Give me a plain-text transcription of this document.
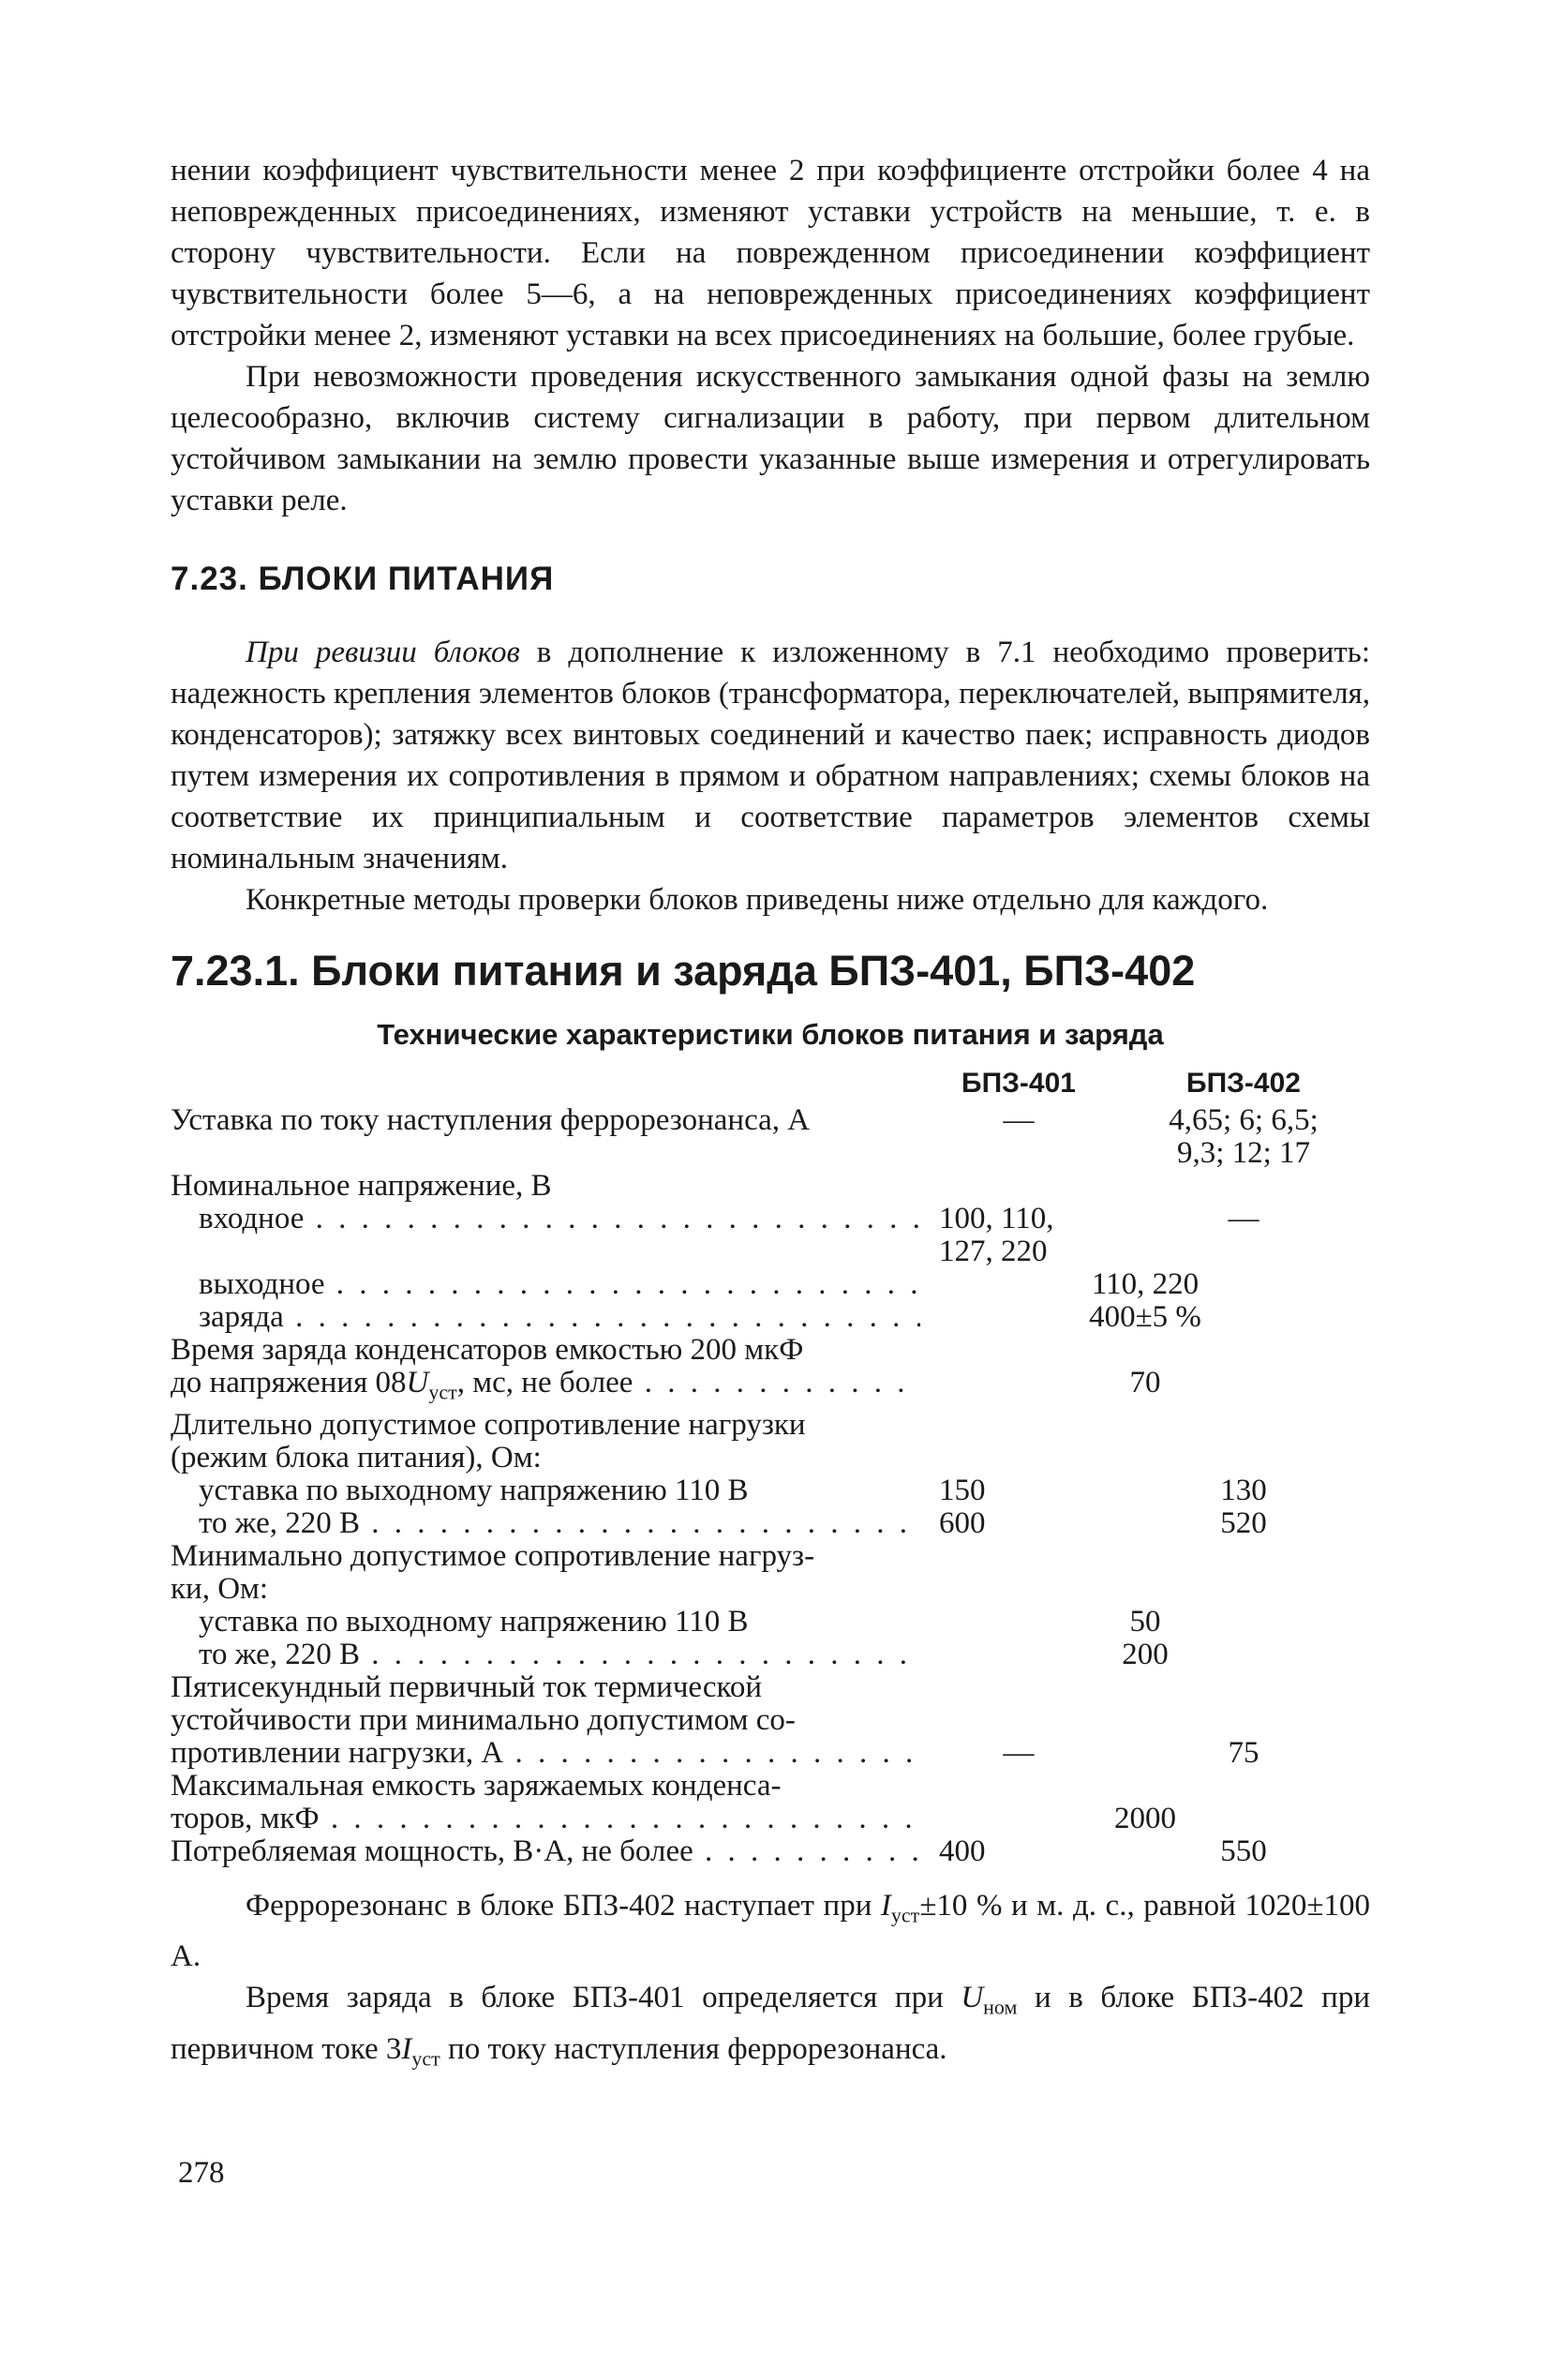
нении коэффициент чувствительности менее 2 при коэффициенте отстройки более 4 на неповрежденных присоединениях, изменяют уставки устройств на меньшие, т. е. в сторону чувствительности. Если на поврежденном присоединении коэффициент чувствительности более 5—6, а на неповрежденных присоединениях коэффициент отстройки менее 2, изменяют уставки на всех присоединениях на большие, более грубые.

При невозможности проведения искусственного замыкания одной фазы на землю целесообразно, включив систему сигнализации в работу, при первом длительном устойчивом замыкании на землю провести указанные выше измерения и отрегулировать уставки реле.

7.23. БЛОКИ ПИТАНИЯ

При ревизии блоков в дополнение к изложенному в 7.1 необходимо проверить: надежность крепления элементов блоков (трансформатора, переключателей, выпрямителя, конденсаторов); затяжку всех винтовых соединений и качество паек; исправность диодов путем измерения их сопротивления в прямом и обратном направлениях; схемы блоков на соответствие их принципиальным и соответствие параметров элементов схемы номинальным значениям.

Конкретные методы проверки блоков приведены ниже отдельно для каждого.

7.23.1. Блоки питания и заряда БПЗ-401, БПЗ-402
Технические характеристики блоков питания и заряда
БПЗ-401	БПЗ-402
Уставка по току наступления феррорезонанса, А	—	4,65; 6; 6,5;
9,3; 12; 17
Номинальное напряжение, В
входное . . .	100, 110,	—
127, 220
выходное . . .	110, 220
заряда . . .	400±5 %
Время заряда конденсаторов емкостью 200 мкФ
до напряжения $08U_{уст}$, мс, не более . . .	70
Длительно допустимое сопротивление нагрузки
(режим блока питания), Ом:
уставка по выходному напряжению 110 В	150	130
то же, 220 В . . .	600	520
Минимально допустимое сопротивление нагруз-
ки, Ом:
уставка по выходному напряжению 110 В	50
то же, 220 В . . .	200
Пятисекундный первичный ток термической
устойчивости при минимально допустимом со-
противлении нагрузки, А . . .	—	75
Максимальная емкость заряжаемых конденса-
торов, мкФ . . .	2000
Потребляемая мощность, В·А, не более . . .	400	550

Феррорезонанс в блоке БПЗ-402 наступает при $I_{уст}\pm 10$ % и м. д. с., равной 1020±100 А.

Время заряда в блоке БПЗ-401 определяется при $U_{ном}$ и в блоке БПЗ-402 при первичном токе $3I_{уст}$ по току наступления феррорезонанса.

278
